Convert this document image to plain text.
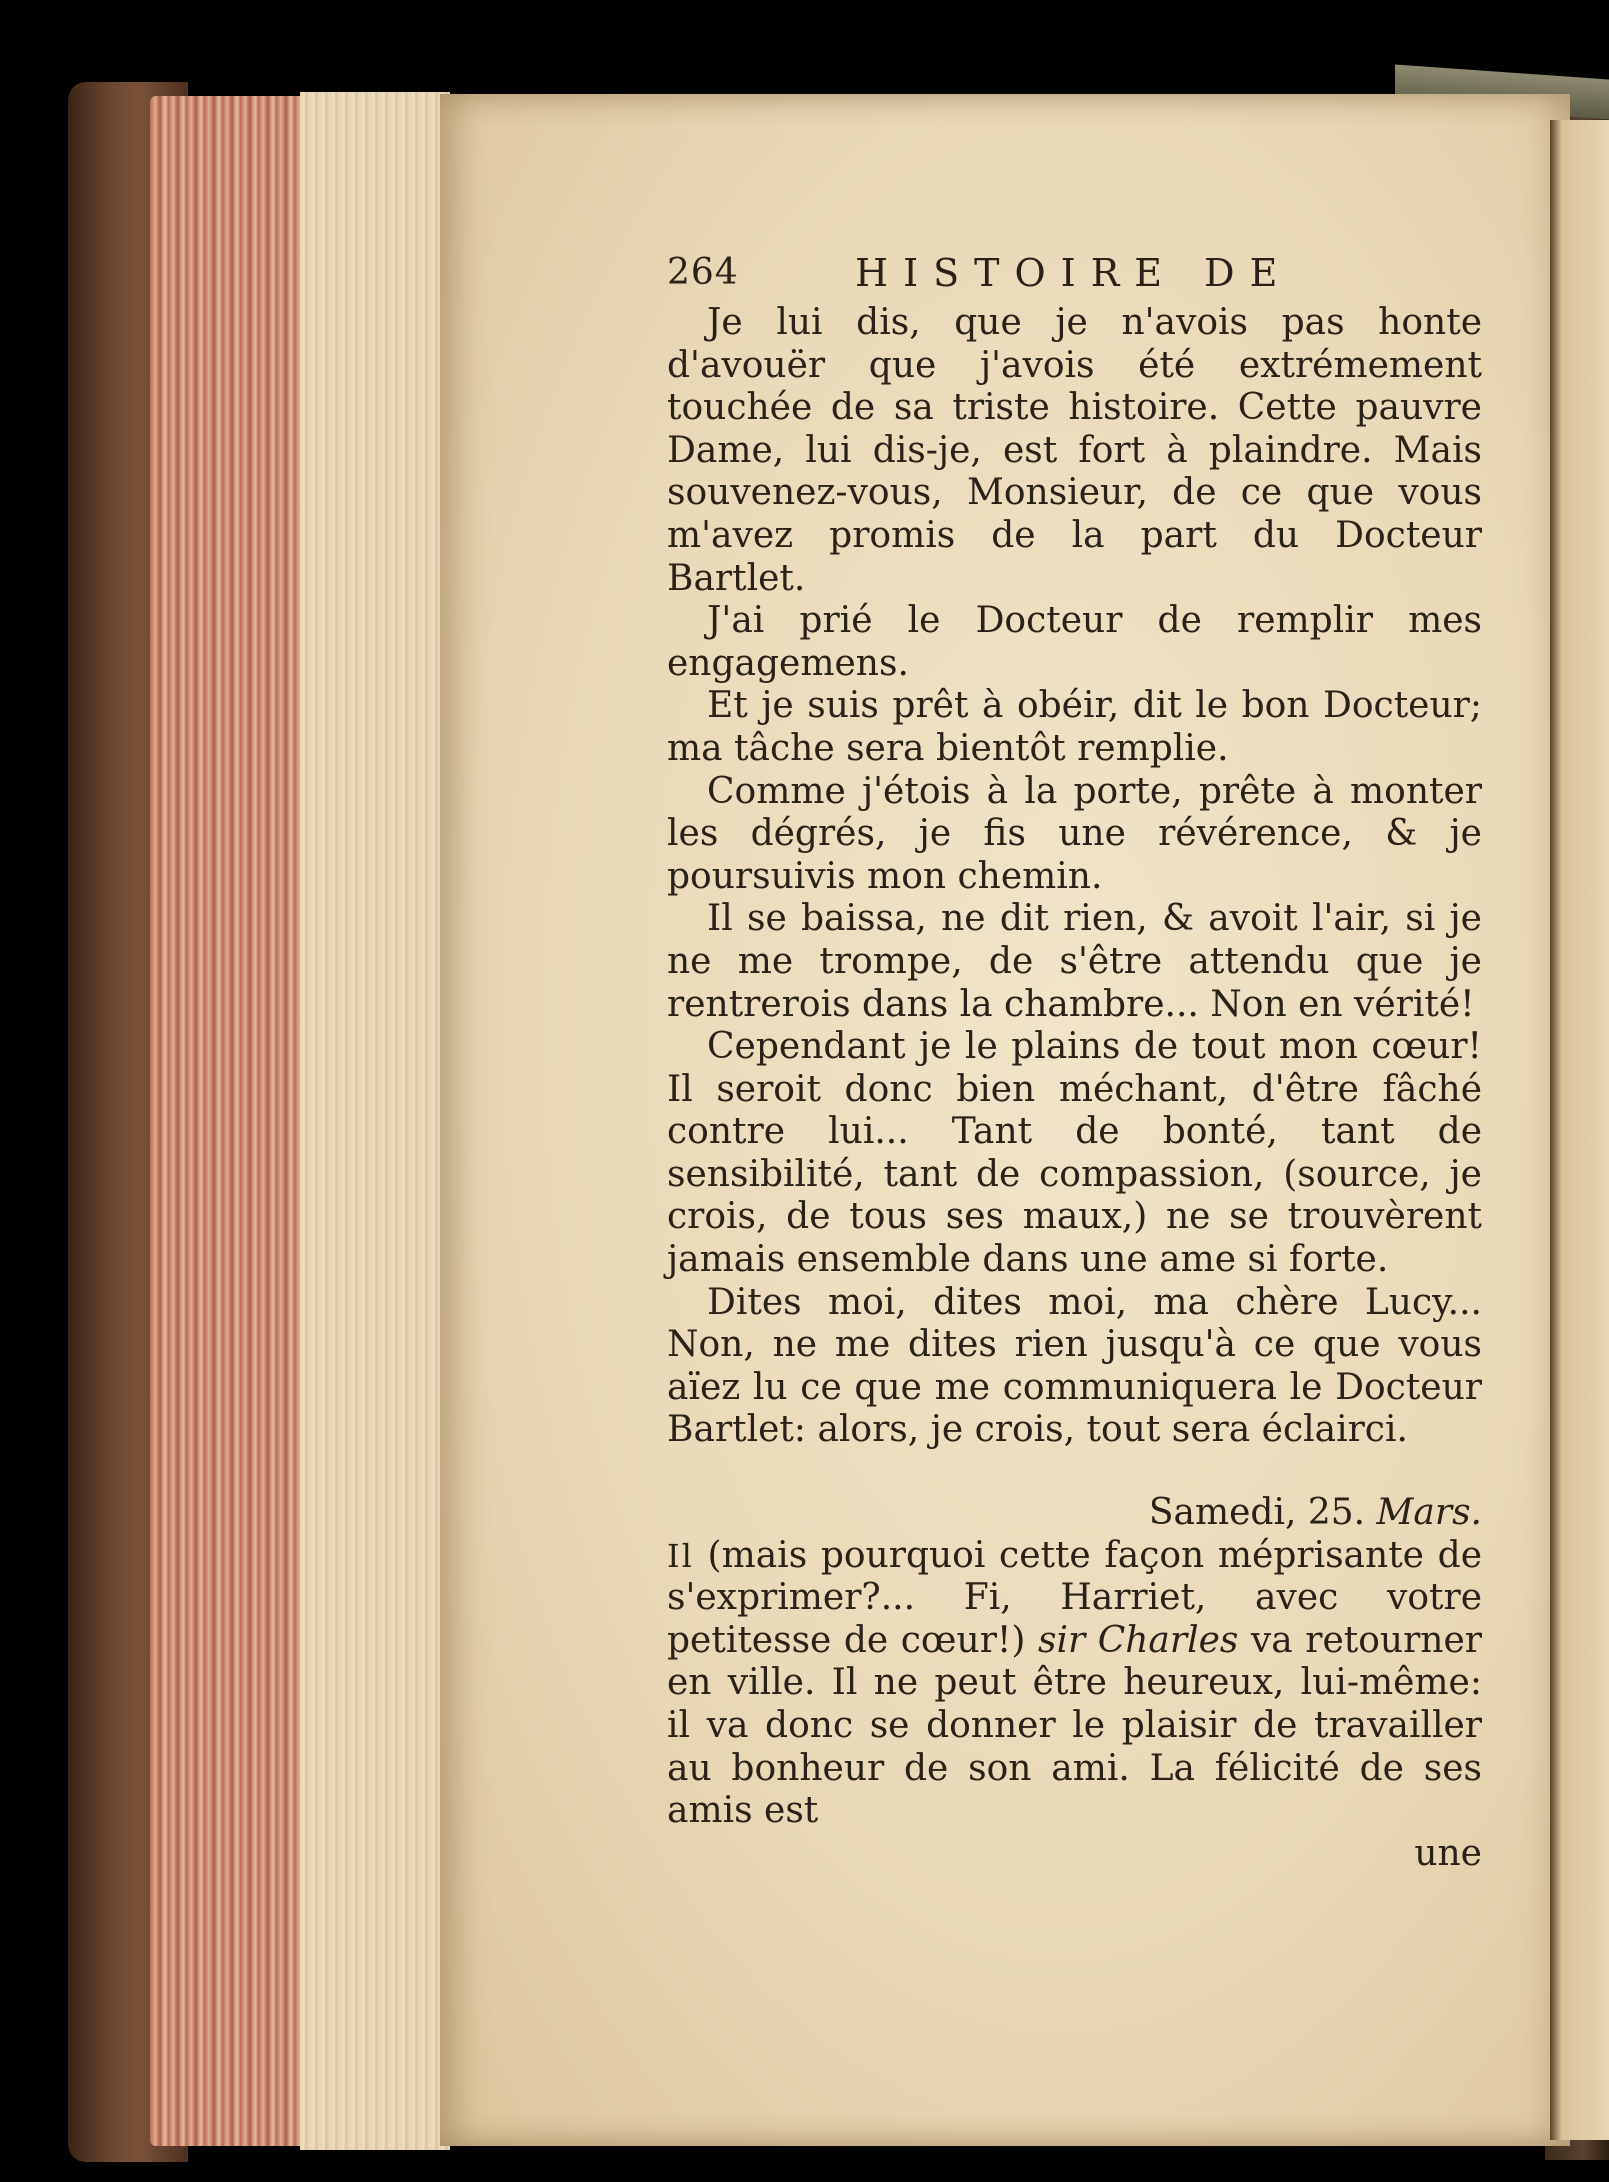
264	HISTOIRE DE

Je lui dis, que je n'avois pas honte d'avouër que j'avois été extrémement touchée de sa triste histoire. Cette pauvre Dame, lui dis-je, est fort à plaindre. Mais souvenez-vous, Monsieur, de ce que vous m'avez promis de la part du Docteur Bartlet.

J'ai prié le Docteur de remplir mes engagemens.

Et je suis prêt à obéir, dit le bon Docteur; ma tâche sera bientôt remplie.

Comme j'étois à la porte, prête à monter les dégrés, je fis une révérence, & je poursuivis mon chemin.

Il se baissa, ne dit rien, & avoit l'air, si je ne me trompe, de s'être attendu que je rentrerois dans la chambre... Non en vérité!

Cependant je le plains de tout mon cœur! Il seroit donc bien méchant, d'être fâché contre lui... Tant de bonté, tant de sensibilité, tant de compassion, (source, je crois, de tous ses maux,) ne se trouvèrent jamais ensemble dans une ame si forte.

Dites moi, dites moi, ma chère Lucy... Non, ne me dites rien jusqu'à ce que vous aïez lu ce que me communiquera le Docteur Bartlet: alors, je crois, tout sera éclairci.

Samedi, 25. Mars.

Il (mais pourquoi cette façon méprisante de s'exprimer?... Fi, Harriet, avec votre petitesse de cœur!) sir Charles va retourner en ville. Il ne peut être heureux, lui-même: il va donc se donner le plaisir de travailler au bonheur de son ami. La félicité de ses amis est

une
